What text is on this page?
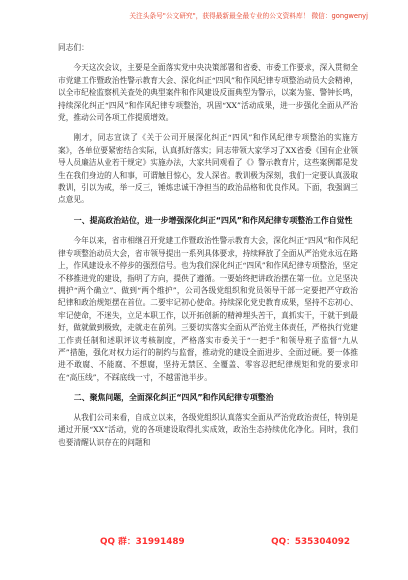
关注头条号"公文研究"，获得最新最全最专业的公文资料库！ 微信：gongwenyj
同志们：

今天这次会议，主要是全面落实党中央决策部署和省委、市委工作要求，深入贯彻全市党建工作暨政治性警示教育大会、深化纠正“四风”和作风纪律专项整治动员大会精神，以全市纪检监察机关查处的典型案件和作风建设反面典型为警示，以案为鉴、警钟长鸣，持续深化纠正“四风”和作风纪律专项整治，巩固“XX”活动成果，进一步强化全面从严治党，推动公司各项工作提质增效。

刚才，同志宣读了《关于公司开展深化纠正“四风”和作风纪律专项整治的实施方案》，各单位要紧密结合实际，认真抓好落实；同志带领大家学习了XX省委《国有企业领导人员廉洁从业若干规定》实施办法，大家共同观看了《》警示教育片，这些案例都是发生在我们身边的人和事，可谓触目惊心，发人深省。教训极为深刻，我们一定要认真汲取教训，引以为戒，举一反三，锤炼忠诚干净担当的政治品格和优良作风。下面，我强调三点意见。

一、提高政治站位，进一步增强深化纠正“四风”和作风纪律专项整治工作自觉性

今年以来，省市相继召开党建工作暨政治性警示教育大会，深化纠正“四风”和作风纪律专项整治动员大会，省市领导提出一系列具体要求，持续释放了全面从严治党永远在路上，作风建设永不停步的强烈信号。也为我们深化纠正“四风”和作风纪律专项整治，坚定不移推进党的建设，指明了方向，提供了遵循。一要始终把讲政治摆在第一位。立足坚决拥护“两个确立”、做到“两个维护”，公司各级党组织和党员领导干部一定要把严守政治纪律和政治规矩摆在首位。二要牢记初心使命。持续深化党史教育成果，坚持不忘初心、牢记使命，不迷失，立足本职工作，以开拓创新的精神埋头苦干，真抓实干，干就干到最好，做就做到极致，走就走在前列。三要切实落实全面从严治党主体责任，严格执行党建工作责任制和述职评议考核制度，严格落实市委关于“一把手”和领导班子监督“九从严”措施，强化对权力运行的制约与监督，推动党的建设全面进步、全面过硬。要一体推进不敢腐、不能腐、不想腐，坚持无禁区、全覆盖、零容忍把纪律规矩和党的要求印在“高压线”，不踩底线一寸，不越雷池半步。

二、聚焦问题，全面深化纠正“四风”和作风纪律专项整治

从我们公司来看，自成立以来，各级党组织认真落实全面从严治党政治责任，特别是通过开展“XX”活动，党的各项建设取得扎实成效，政治生态持续优化净化。同时，我们也要清醒认识存在的问题和

QQ 群：31991489	QQ：535304092
